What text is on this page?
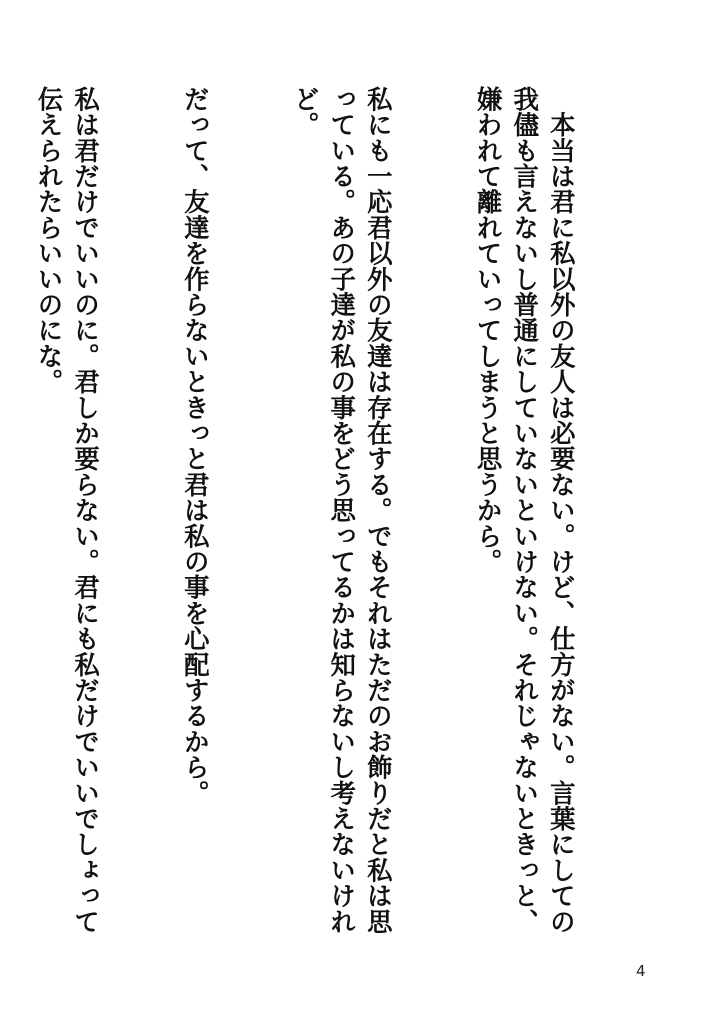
　本当は君に私以外の友人は必要ない。けど、仕方がない。言葉にしての我儘も言えないし普通にしていないといけない。それじゃないときっと、嫌われて離れていってしまうと思うから。

私にも一応君以外の友達は存在する。でもそれはただのお飾りだと私は思っている。あの子達が私の事をどう思ってるかは知らないし考えないけれど。

だって、友達を作らないときっと君は私の事を心配するから。

私は君だけでいいのに。君しか要らない。君にも私だけでいいでしょって伝えられたらいいのにな。

4
